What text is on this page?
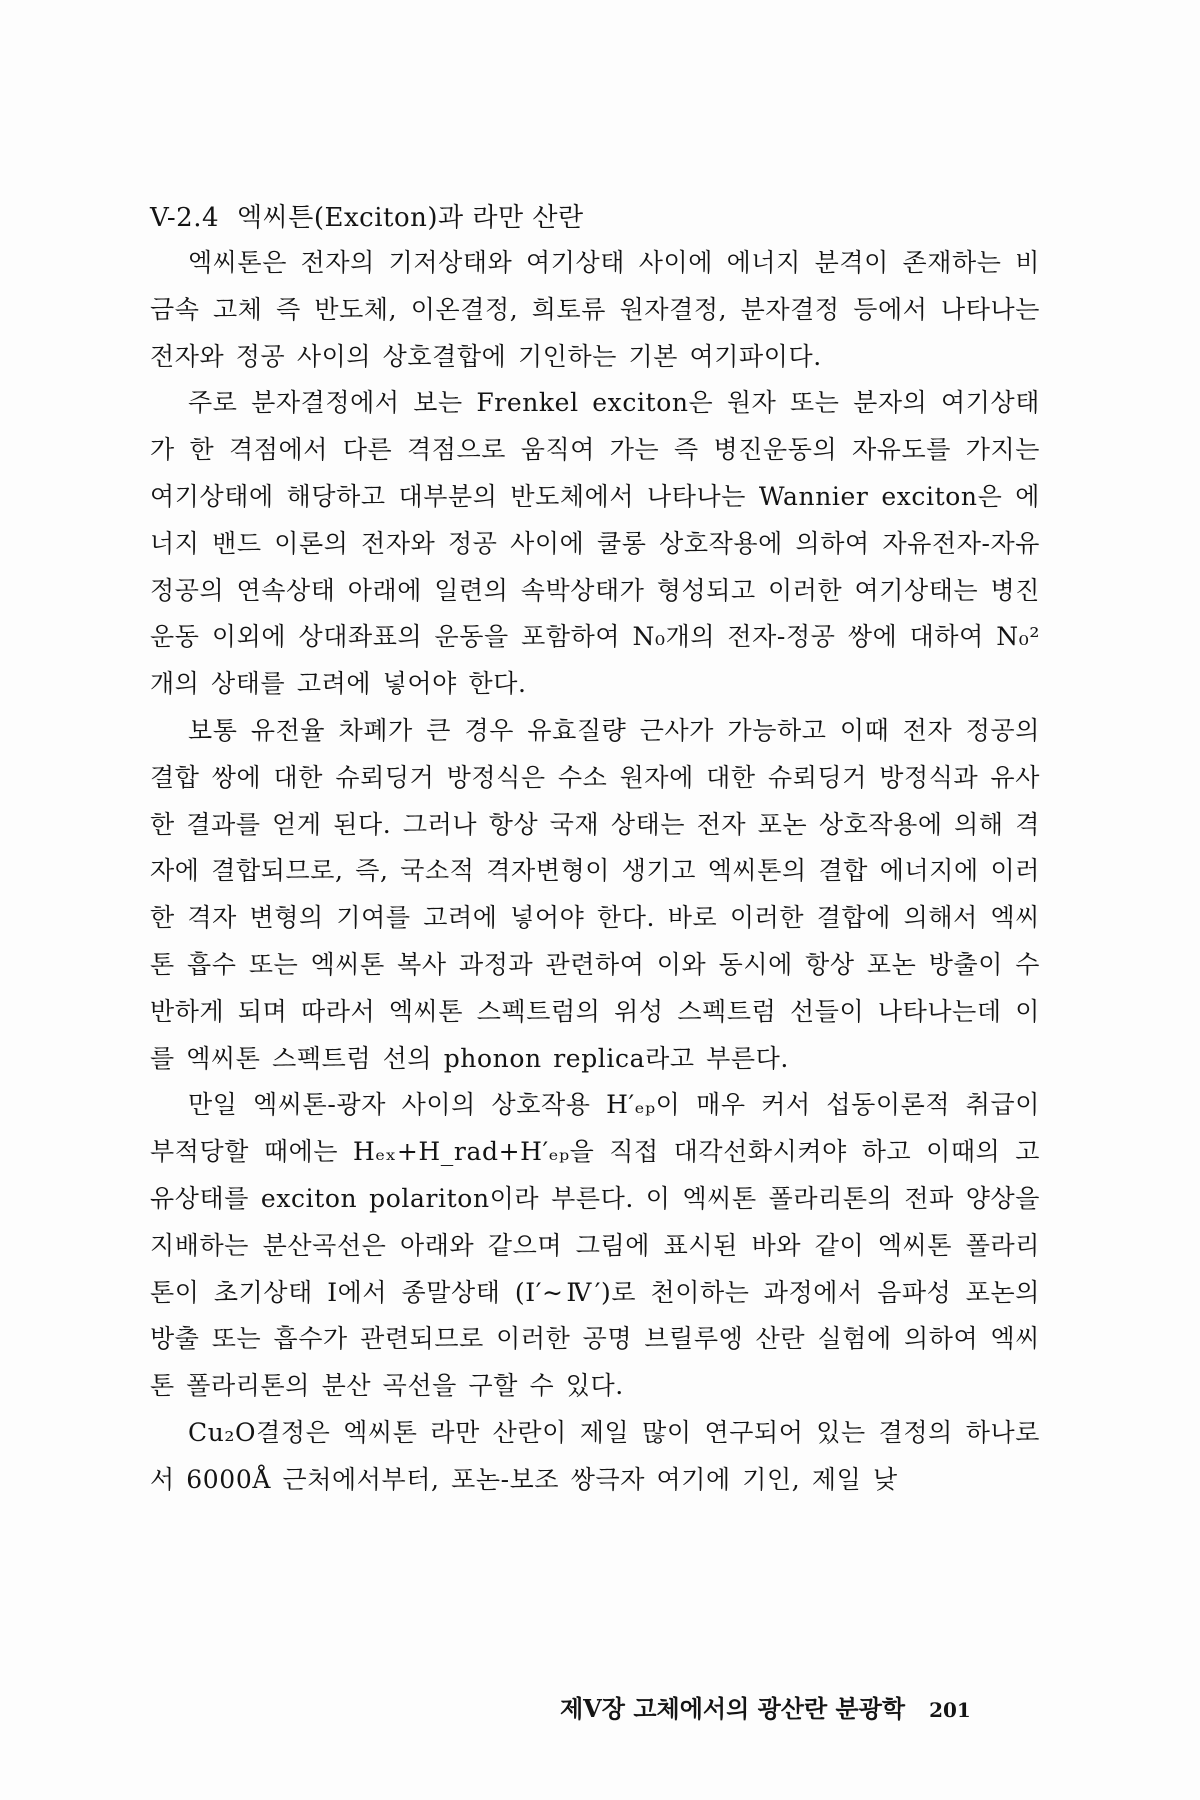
V-2.4 엑씨튼(Exciton)과 라만 산란

엑씨톤은 전자의 기저상태와 여기상태 사이에 에너지 분격이 존재하는 비금속 고체 즉 반도체, 이온결정, 희토류 원자결정, 분자결정 등에서 나타나는 전자와 정공 사이의 상호결합에 기인하는 기본 여기파이다.

주로 분자결정에서 보는 Frenkel exciton은 원자 또는 분자의 여기상태가 한 격점에서 다른 격점으로 움직여 가는 즉 병진운동의 자유도를 가지는 여기상태에 해당하고 대부분의 반도체에서 나타나는 Wannier exciton은 에너지 밴드 이론의 전자와 정공 사이에 쿨롱 상호작용에 의하여 자유전자-자유정공의 연속상태 아래에 일련의 속박상태가 형성되고 이러한 여기상태는 병진운동 이외에 상대좌표의 운동을 포함하여 N₀개의 전자-정공 쌍에 대하여 N₀²개의 상태를 고려에 넣어야 한다.

보통 유전율 차폐가 큰 경우 유효질량 근사가 가능하고 이때 전자 정공의 결합 쌍에 대한 슈뢰딩거 방정식은 수소 원자에 대한 슈뢰딩거 방정식과 유사한 결과를 얻게 된다. 그러나 항상 국재 상태는 전자 포논 상호작용에 의해 격자에 결합되므로, 즉, 국소적 격자변형이 생기고 엑씨톤의 결합 에너지에 이러한 격자 변형의 기여를 고려에 넣어야 한다. 바로 이러한 결합에 의해서 엑씨톤 흡수 또는 엑씨톤 복사 과정과 관련하여 이와 동시에 항상 포논 방출이 수반하게 되며 따라서 엑씨톤 스펙트럼의 위성 스펙트럼 선들이 나타나는데 이를 엑씨톤 스펙트럼 선의 phonon replica라고 부른다.

만일 엑씨톤-광자 사이의 상호작용 H′ₑₚ이 매우 커서 섭동이론적 취급이 부적당할 때에는 Hₑₓ+H_rad+H′ₑₚ을 직접 대각선화시켜야 하고 이때의 고유상태를 exciton polariton이라 부른다. 이 엑씨톤 폴라리톤의 전파 양상을 지배하는 분산곡선은 아래와 같으며 그림에 표시된 바와 같이 엑씨톤 폴라리톤이 초기상태 I에서 종말상태 (I′∼Ⅳ′)로 천이하는 과정에서 음파성 포논의 방출 또는 흡수가 관련되므로 이러한 공명 브릴루엥 산란 실험에 의하여 엑씨톤 폴라리톤의 분산 곡선을 구할 수 있다.

Cu₂O결정은 엑씨톤 라만 산란이 제일 많이 연구되어 있는 결정의 하나로서 6000Å 근처에서부터, 포논-보조 쌍극자 여기에 기인, 제일 낮

제Ⅴ장 고체에서의 광산란 분광학 201
